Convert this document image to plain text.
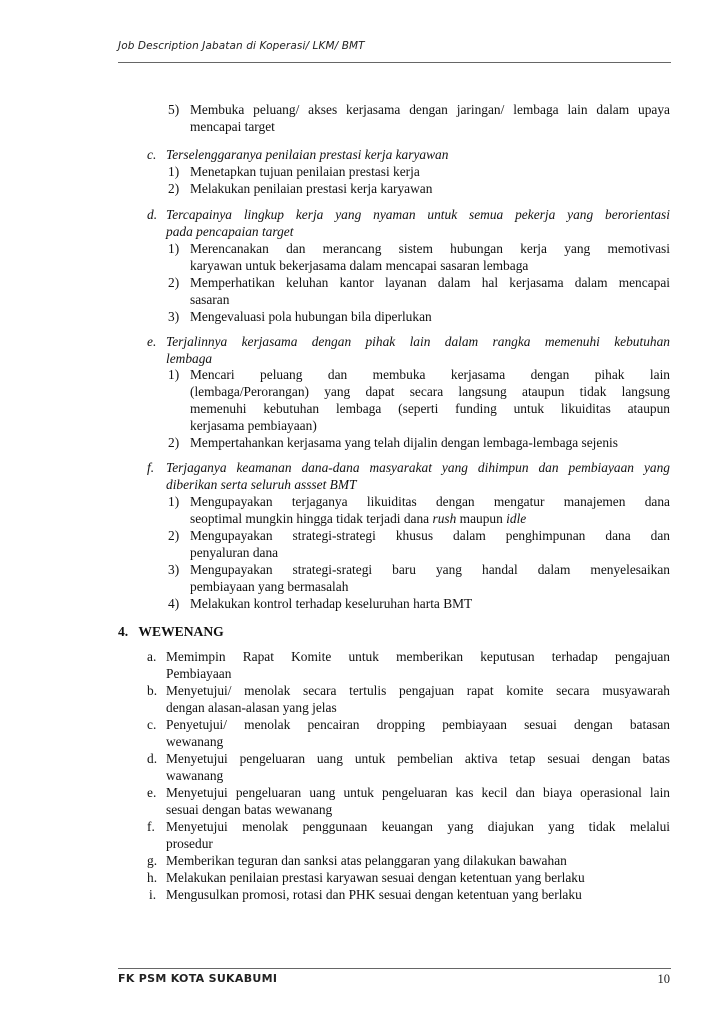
Job Description Jabatan di Koperasi/ LKM/ BMT
5) Membuka peluang/ akses kerjasama dengan jaringan/ lembaga lain dalam upaya
mencapai target
c. Terselenggaranya penilaian prestasi kerja karyawan
1) Menetapkan tujuan penilaian prestasi kerja
2) Melakukan penilaian prestasi kerja karyawan
d. Tercapainya lingkup kerja yang nyaman untuk semua pekerja yang berorientasi
pada pencapaian target
1) Merencanakan dan merancang sistem hubungan kerja yang memotivasi
karyawan untuk bekerjasama dalam mencapai sasaran lembaga
2) Memperhatikan keluhan kantor layanan dalam hal kerjasama dalam mencapai
sasaran
3) Mengevaluasi pola hubungan bila diperlukan
e. Terjalinnya kerjasama dengan pihak lain dalam rangka memenuhi kebutuhan
lembaga
1) Mencari peluang dan membuka kerjasama dengan pihak lain
(lembaga/Perorangan) yang dapat secara langsung ataupun tidak langsung
memenuhi kebutuhan lembaga (seperti funding untuk likuiditas ataupun
kerjasama pembiayaan)
2) Mempertahankan kerjasama yang telah dijalin dengan lembaga-lembaga sejenis
f. Terjaganya keamanan dana-dana masyarakat yang dihimpun dan pembiayaan yang
diberikan serta seluruh assset BMT
1) Mengupayakan terjaganya likuiditas dengan mengatur manajemen dana
seoptimal mungkin hingga tidak terjadi dana rush maupun idle
2) Mengupayakan strategi-strategi khusus dalam penghimpunan dana dan
penyaluran dana
3) Mengupayakan strategi-srategi baru yang handal dalam menyelesaikan
pembiayaan yang bermasalah
4) Melakukan kontrol terhadap keseluruhan harta BMT
4. WEWENANG
a. Memimpin Rapat Komite untuk memberikan keputusan terhadap pengajuan
Pembiayaan
b. Menyetujui/ menolak secara tertulis pengajuan rapat komite secara musyawarah
dengan alasan-alasan yang jelas
c. Penyetujui/ menolak pencairan dropping pembiayaan sesuai dengan batasan
wewanang
d. Menyetujui pengeluaran uang untuk pembelian aktiva tetap sesuai dengan batas
wawanang
e. Menyetujui pengeluaran uang untuk pengeluaran kas kecil dan biaya operasional lain
sesuai dengan batas wewanang
f. Menyetujui menolak penggunaan keuangan yang diajukan yang tidak melalui
prosedur
g. Memberikan teguran dan sanksi atas pelanggaran yang dilakukan bawahan
h. Melakukan penilaian prestasi karyawan sesuai dengan ketentuan yang berlaku
i. Mengusulkan promosi, rotasi dan PHK sesuai dengan ketentuan yang berlaku
FK PSM KOTA SUKABUMI	10
